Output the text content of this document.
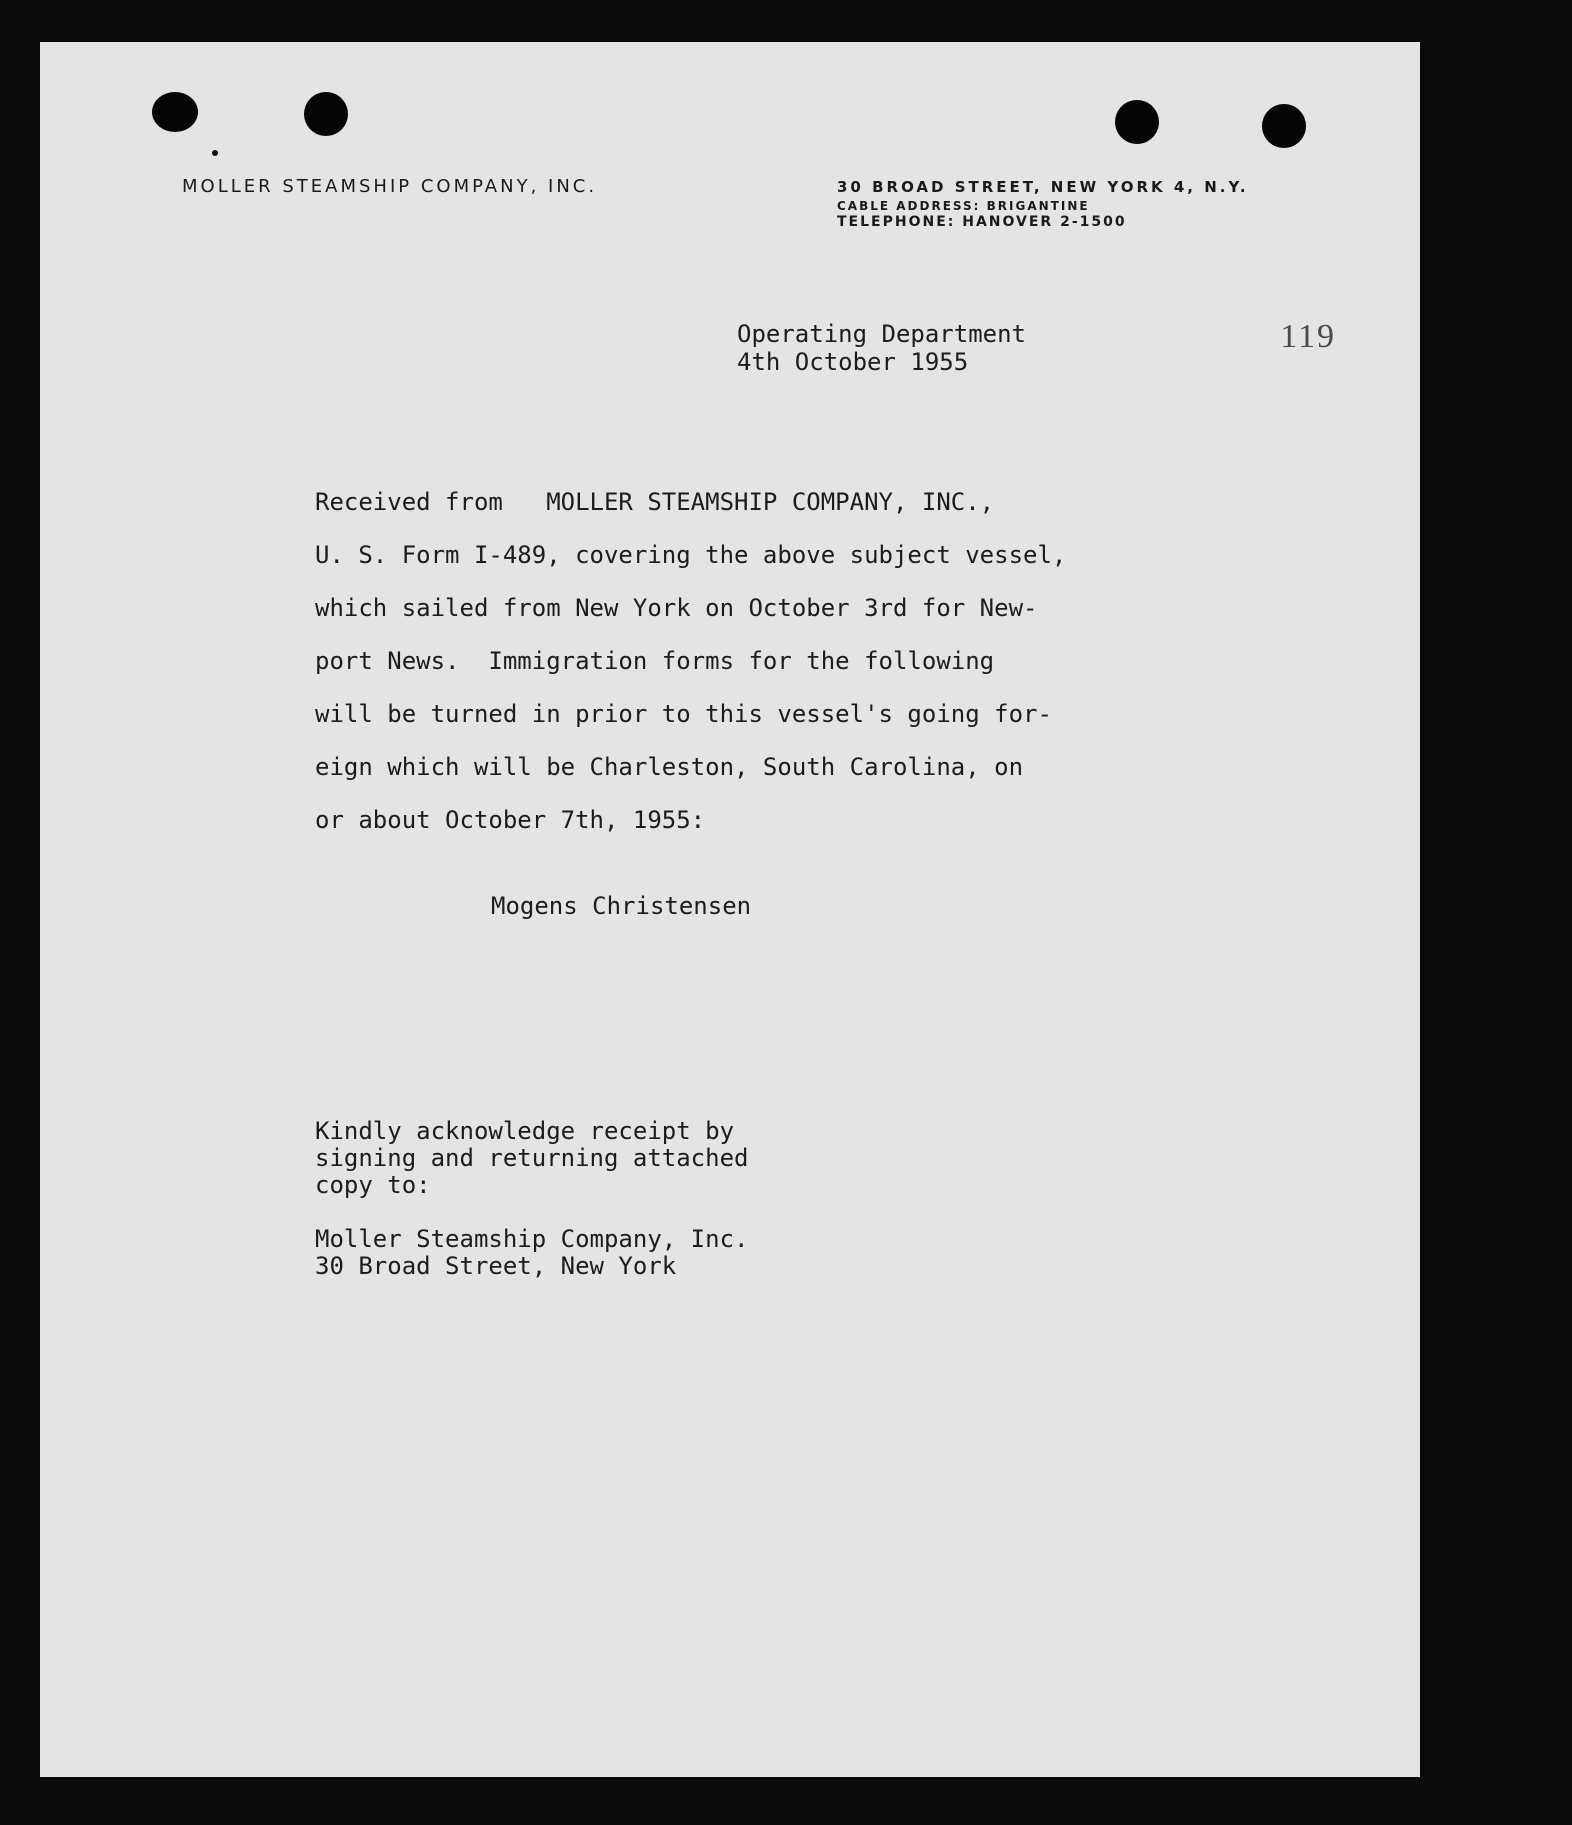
MOLLER STEAMSHIP COMPANY, INC.	30 BROAD STREET, NEW YORK 4, N.Y.
CABLE ADDRESS: BRIGANTINE
TELEPHONE: HANOVER 2-1500
Operating Department
4th October 1955
119
Received from   MOLLER STEAMSHIP COMPANY, INC.,
U. S. Form I-489, covering the above subject vessel,
which sailed from New York on October 3rd for New-
port News.  Immigration forms for the following
will be turned in prior to this vessel's going for-
eign which will be Charleston, South Carolina, on
or about October 7th, 1955:
Mogens Christensen
Kindly acknowledge receipt by
signing and returning attached
copy to:
Moller Steamship Company, Inc.
30 Broad Street, New York
